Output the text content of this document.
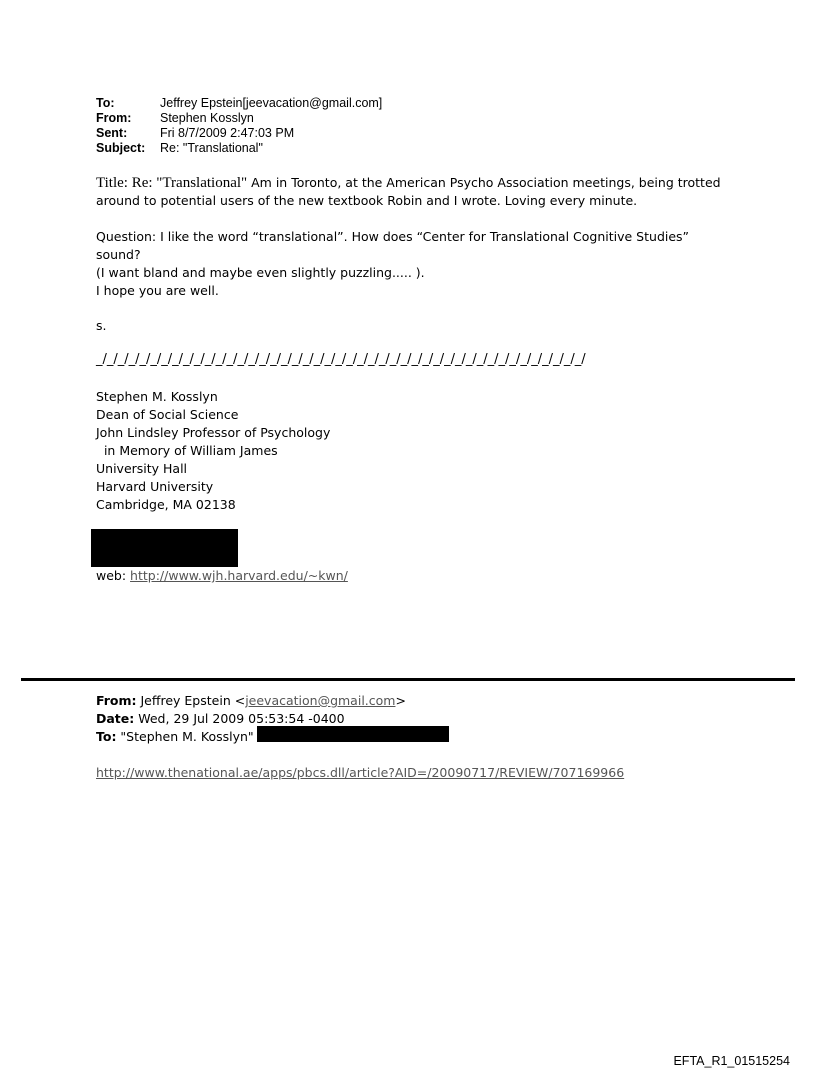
To:	Jeffrey Epstein[jeevacation@gmail.com]
From:	Stephen Kosslyn
Sent:	Fri 8/7/2009 2:47:03 PM
Subject:	Re: "Translational"
Title: Re: "Translational" Am in Toronto, at the American Psycho Association meetings, being trotted around to potential users of the new textbook Robin and I wrote. Loving every minute.
Question: I like the word “translational”. How does “Center for Translational Cognitive Studies” sound?
(I want bland and maybe even slightly puzzling..... ).
I hope you are well.
s.
_/_/_/_/_/_/_/_/_/_/_/_/_/_/_/_/_/_/_/_/_/_/_/_/_/_/_/_/_/_/_/_/_/_/_/_/_/_/_/_/_/_/_/_/_/
Stephen M. Kosslyn
Dean of Social Science
John Lindsley Professor of Psychology
in Memory of William James
University Hall
Harvard University
Cambridge, MA 02138
web: http://www.wjh.harvard.edu/~kwn/
From: Jeffrey Epstein <jeevacation@gmail.com>
Date: Wed, 29 Jul 2009 05:53:54 -0400
To: "Stephen M. Kosslyn"
http://www.thenational.ae/apps/pbcs.dll/article?AID=/20090717/REVIEW/707169966
EFTA_R1_01515254
